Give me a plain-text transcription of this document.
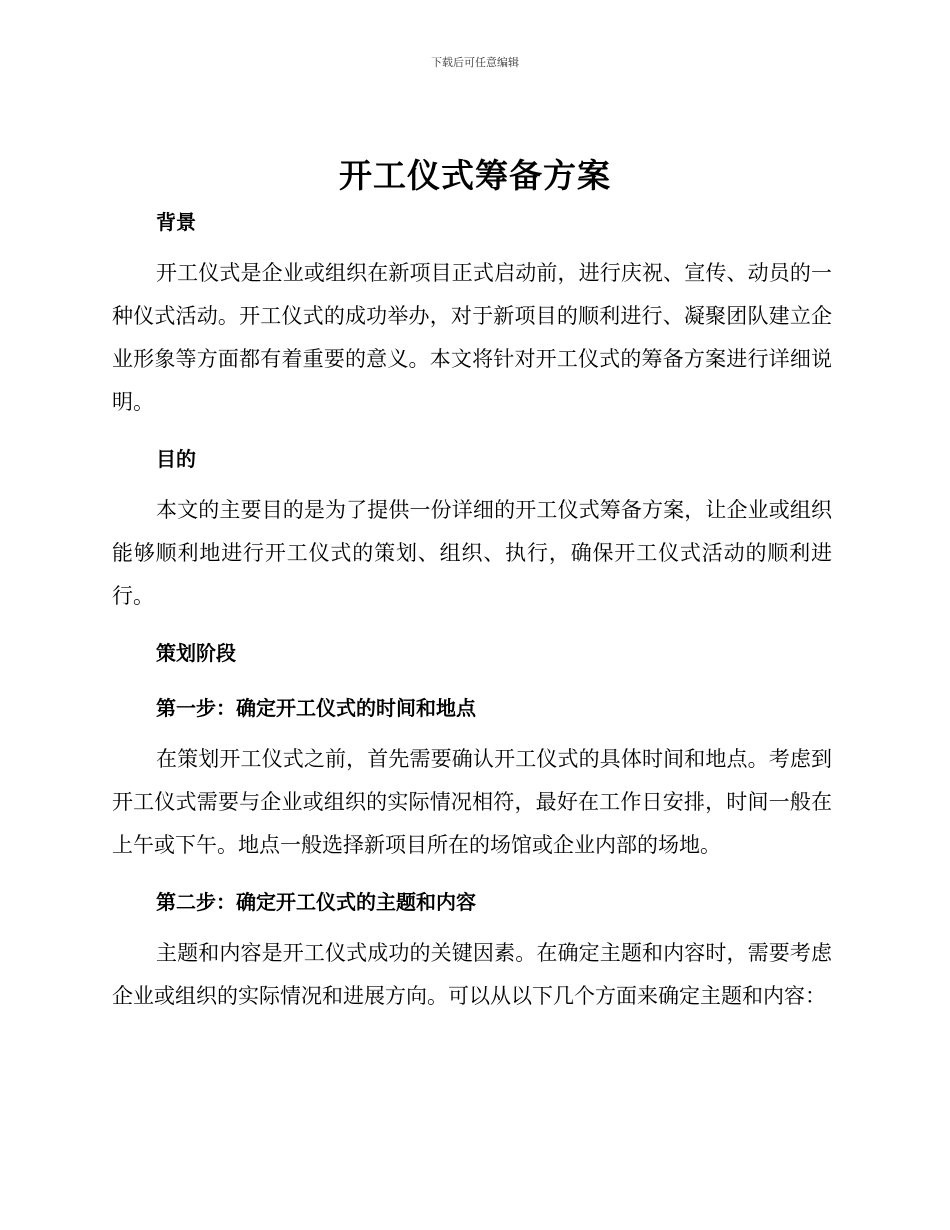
下载后可任意编辑
开工仪式筹备方案
背景

开工仪式是企业或组织在新项目正式启动前，进行庆祝、宣传、动员的一种仪式活动。开工仪式的成功举办，对于新项目的顺利进行、凝聚团队建立企业形象等方面都有着重要的意义。本文将针对开工仪式的筹备方案进行详细说明。

目的

本文的主要目的是为了提供一份详细的开工仪式筹备方案，让企业或组织能够顺利地进行开工仪式的策划、组织、执行，确保开工仪式活动的顺利进行。

策划阶段
第一步：确定开工仪式的时间和地点

在策划开工仪式之前，首先需要确认开工仪式的具体时间和地点。考虑到开工仪式需要与企业或组织的实际情况相符，最好在工作日安排，时间一般在上午或下午。地点一般选择新项目所在的场馆或企业内部的场地。

第二步：确定开工仪式的主题和内容

主题和内容是开工仪式成功的关键因素。在确定主题和内容时，需要考虑企业或组织的实际情况和进展方向。可以从以下几个方面来确定主题和内容：
